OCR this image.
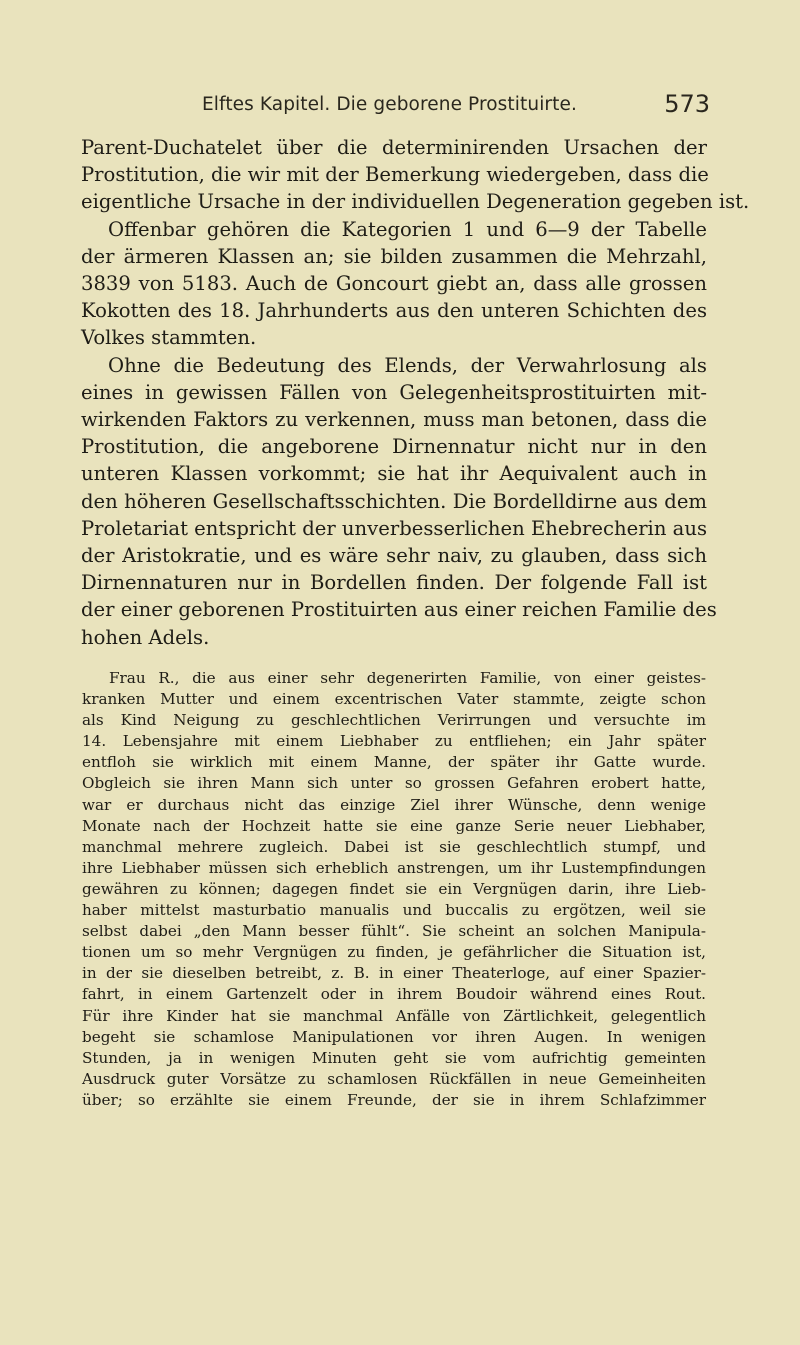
Elftes Kapitel. Die geborene Prostituirte.	573

Parent-Duchatelet über die determinirenden Ursachen der
Prostitution, die wir mit der Bemerkung wiedergeben, dass die
eigentliche Ursache in der individuellen Degeneration gegeben ist.
Offenbar gehören die Kategorien 1 und 6—9 der Tabelle
der ärmeren Klassen an; sie bilden zusammen die Mehrzahl,
3839 von 5183. Auch de Goncourt giebt an, dass alle grossen
Kokotten des 18. Jahrhunderts aus den unteren Schichten des
Volkes stammten.

Ohne die Bedeutung des Elends, der Verwahrlosung als
eines in gewissen Fällen von Gelegenheitsprostituirten mit-
wirkenden Faktors zu verkennen, muss man betonen, dass die
Prostitution, die angeborene Dirnennatur nicht nur in den
unteren Klassen vorkommt; sie hat ihr Aequivalent auch in
den höheren Gesellschaftsschichten. Die Bordelldirne aus dem
Proletariat entspricht der unverbesserlichen Ehebrecherin aus
der Aristokratie, und es wäre sehr naiv, zu glauben, dass sich
Dirnennaturen nur in Bordellen finden. Der folgende Fall ist
der einer geborenen Prostituirten aus einer reichen Familie des
hohen Adels.

Frau R., die aus einer sehr degenerirten Familie, von einer geistes-
kranken Mutter und einem excentrischen Vater stammte, zeigte schon
als Kind Neigung zu geschlechtlichen Verirrungen und versuchte im
14. Lebensjahre mit einem Liebhaber zu entfliehen; ein Jahr später
entfloh sie wirklich mit einem Manne, der später ihr Gatte wurde.
Obgleich sie ihren Mann sich unter so grossen Gefahren erobert hatte,
war er durchaus nicht das einzige Ziel ihrer Wünsche, denn wenige
Monate nach der Hochzeit hatte sie eine ganze Serie neuer Liebhaber,
manchmal mehrere zugleich. Dabei ist sie geschlechtlich stumpf, und
ihre Liebhaber müssen sich erheblich anstrengen, um ihr Lustempfindungen
gewähren zu können; dagegen findet sie ein Vergnügen darin, ihre Lieb-
haber mittelst masturbatio manualis und buccalis zu ergötzen, weil sie
selbst dabei „den Mann besser fühlt“. Sie scheint an solchen Manipula-
tionen um so mehr Vergnügen zu finden, je gefährlicher die Situation ist,
in der sie dieselben betreibt, z. B. in einer Theaterloge, auf einer Spazier-
fahrt, in einem Gartenzelt oder in ihrem Boudoir während eines Rout.
Für ihre Kinder hat sie manchmal Anfälle von Zärtlichkeit, gelegentlich
begeht sie schamlose Manipulationen vor ihren Augen. In wenigen
Stunden, ja in wenigen Minuten geht sie vom aufrichtig gemeinten
Ausdruck guter Vorsätze zu schamlosen Rückfällen in neue Gemeinheiten
über; so erzählte sie einem Freunde, der sie in ihrem Schlafzimmer
